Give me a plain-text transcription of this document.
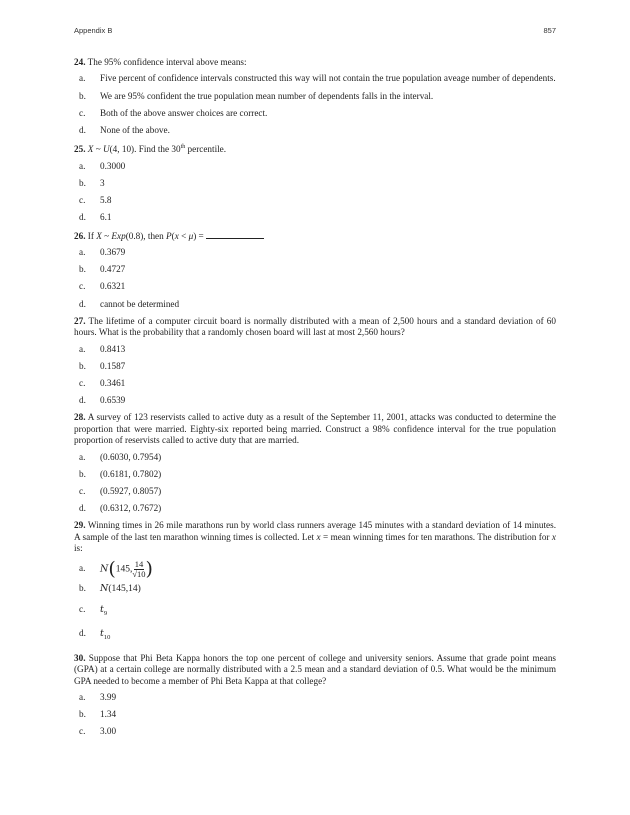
Appendix B	857
24. The 95% confidence interval above means:
a.	Five percent of confidence intervals constructed this way will not contain the true population aveage number of dependents.
b.	We are 95% confident the true population mean number of dependents falls in the interval.
c.	Both of the above answer choices are correct.
d.	None of the above.
25. X ~ U(4, 10). Find the 30th percentile.
a.	0.3000
b.	3
c.	5.8
d.	6.1
26. If X ~ Exp(0.8), then P(x < μ) =
a.	0.3679
b.	0.4727
c.	0.6321
d.	cannot be determined
27. The lifetime of a computer circuit board is normally distributed with a mean of 2,500 hours and a standard deviation of 60 hours. What is the probability that a randomly chosen board will last at most 2,560 hours?
a.	0.8413
b.	0.1587
c.	0.3461
d.	0.6539
28. A survey of 123 reservists called to active duty as a result of the September 11, 2001, attacks was conducted to determine the proportion that were married. Eighty-six reported being married. Construct a 98% confidence interval for the true population proportion of reservists called to active duty that are married.
a.	(0.6030, 0.7954)
b.	(0.6181, 0.7802)
c.	(0.5927, 0.8057)
d.	(0.6312, 0.7672)
29. Winning times in 26 mile marathons run by world class runners average 145 minutes with a standard deviation of 14 minutes. A sample of the last ten marathon winning times is collected. Let x = mean winning times for ten marathons. The distribution for x is:
a.	N(145, $\frac{14}{√10}$ )
b.	N(145,14)
c.	$t_9$
d.	$t_{10}$
30. Suppose that Phi Beta Kappa honors the top one percent of college and university seniors. Assume that grade point means (GPA) at a certain college are normally distributed with a 2.5 mean and a standard deviation of 0.5. What would be the minimum GPA needed to become a member of Phi Beta Kappa at that college?
a.	3.99
b.	1.34
c.	3.00
